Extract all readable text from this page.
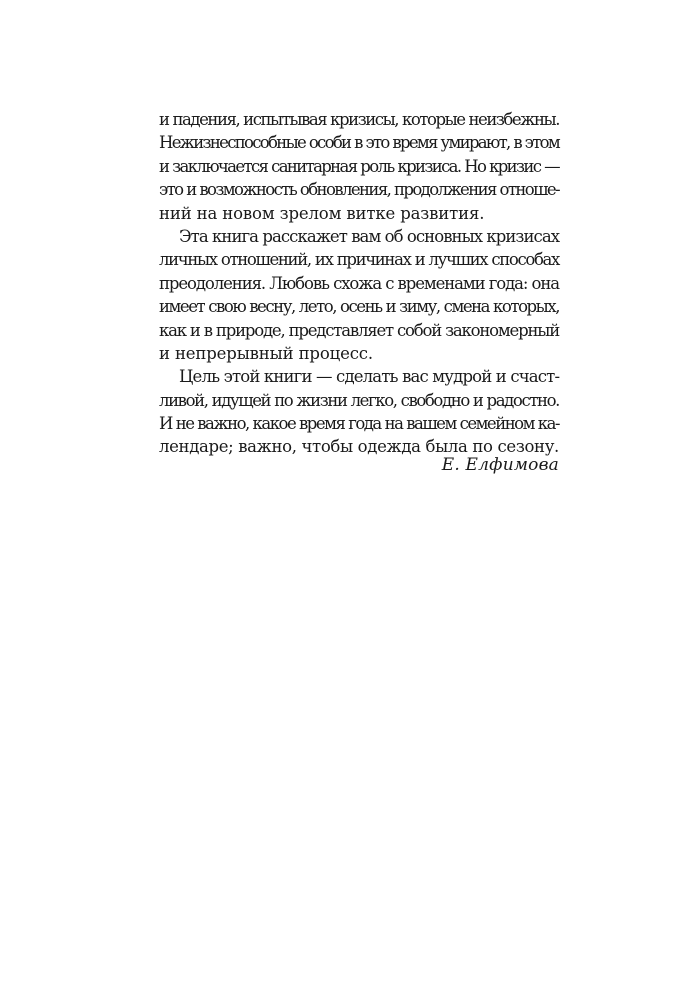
и падения, испытывая кризисы, которые неизбежны.
Нежизнеспособные особи в это время умирают, в этом
и заключается санитарная роль кризиса. Но кризис —
это и возможность обновления, продолжения отноше-
ний на новом зрелом витке развития.
Эта книга расскажет вам об основных кризисах
личных отношений, их причинах и лучших способах
преодоления. Любовь схожа с временами года: она
имеет свою весну, лето, осень и зиму, смена которых,
как и в природе, представляет собой закономерный
и непрерывный процесс.
Цель этой книги — сделать вас мудрой и счаст-
ливой, идущей по жизни легко, свободно и радостно.
И не важно, какое время года на вашем семейном ка-
лендаре; важно, чтобы одежда была по сезону.
Е. Елфимова
